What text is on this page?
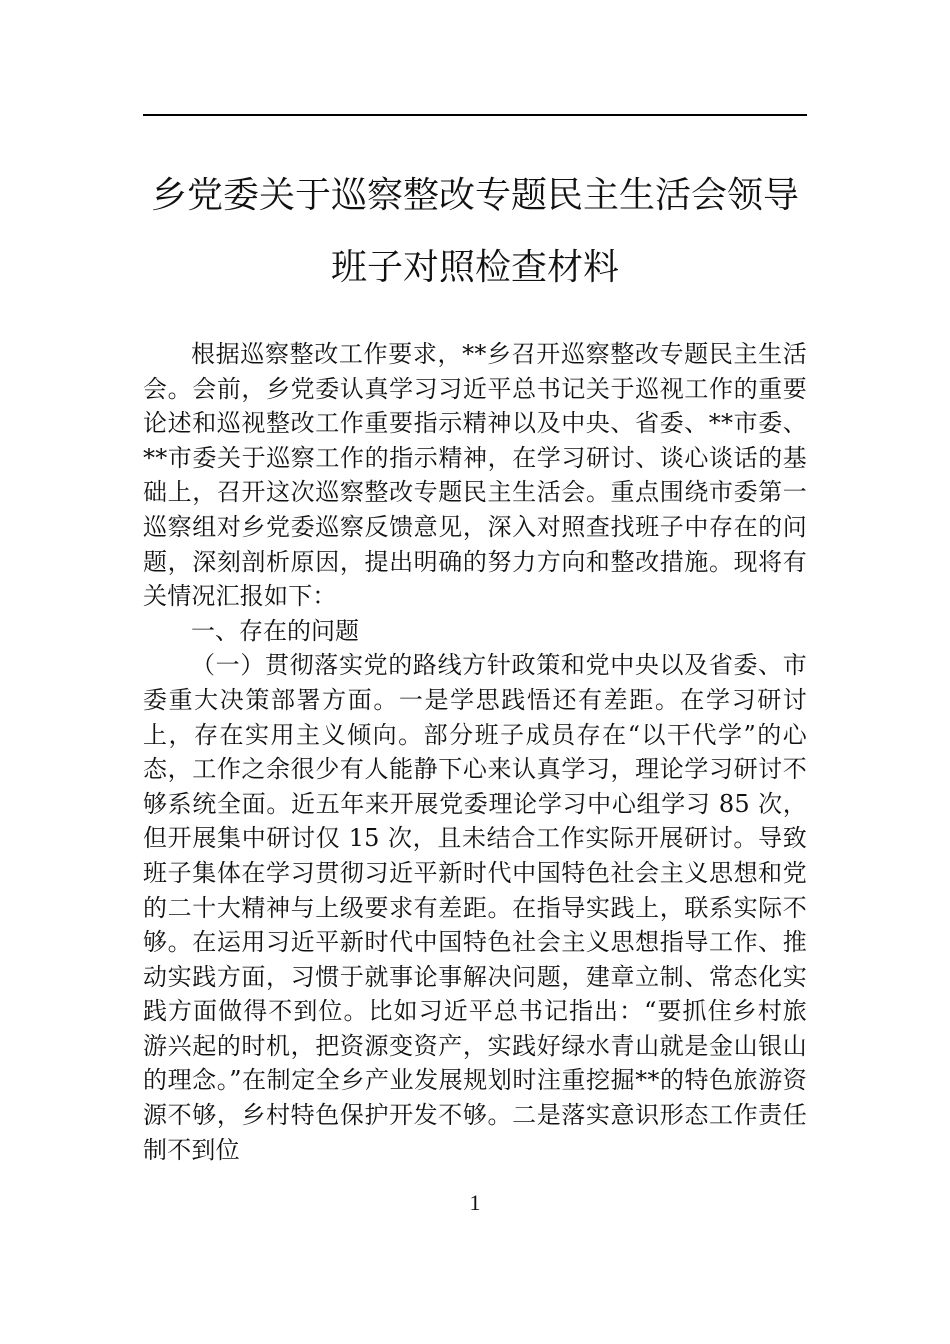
乡党委关于巡察整改专题民主生活会领导
班子对照检查材料

根据巡察整改工作要求，**乡召开巡察整改专题民主生活会。会前，乡党委认真学习习近平总书记关于巡视工作的重要论述和巡视整改工作重要指示精神以及中央、省委、**市委、**市委关于巡察工作的指示精神，在学习研讨、谈心谈话的基础上，召开这次巡察整改专题民主生活会。重点围绕市委第一巡察组对乡党委巡察反馈意见，深入对照查找班子中存在的问题，深刻剖析原因，提出明确的努力方向和整改措施。现将有关情况汇报如下：

一、存在的问题

（一）贯彻落实党的路线方针政策和党中央以及省委、市委重大决策部署方面。一是学思践悟还有差距。在学习研讨上，存在实用主义倾向。部分班子成员存在“以干代学”的心态，工作之余很少有人能静下心来认真学习，理论学习研讨不够系统全面。近五年来开展党委理论学习中心组学习 85 次，但开展集中研讨仅 15 次，且未结合工作实际开展研讨。导致班子集体在学习贯彻习近平新时代中国特色社会主义思想和党的二十大精神与上级要求有差距。在指导实践上，联系实际不够。在运用习近平新时代中国特色社会主义思想指导工作、推动实践方面，习惯于就事论事解决问题，建章立制、常态化实践方面做得不到位。比如习近平总书记指出：“要抓住乡村旅游兴起的时机，把资源变资产，实践好绿水青山就是金山银山的理念。”在制定全乡产业发展规划时注重挖掘**的特色旅游资源不够，乡村特色保护开发不够。二是落实意识形态工作责任制不到位

1
